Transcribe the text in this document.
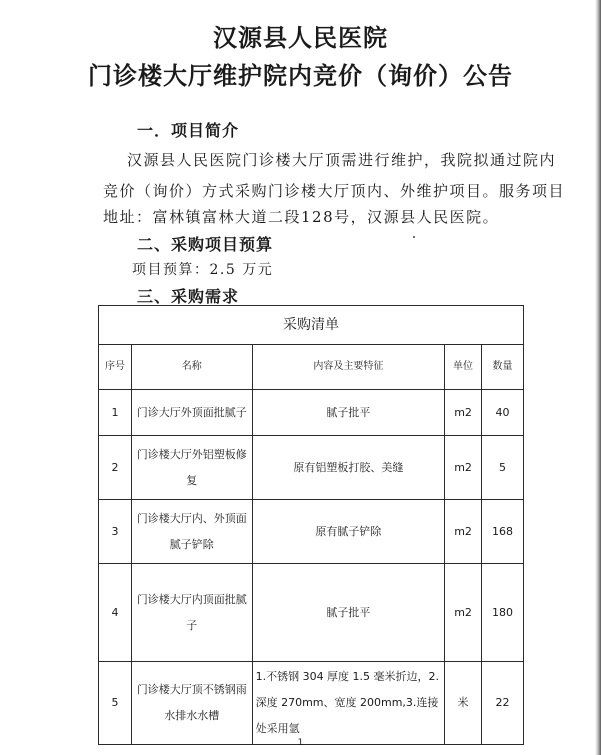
汉源县人民医院
门诊楼大厅维护院内竞价（询价）公告
一．项目简介
汉源县人民医院门诊楼大厅顶需进行维护，我院拟通过院内
竞价（询价）方式采购门诊楼大厅顶内、外维护项目。服务项目
地址：富林镇富林大道二段128号，汉源县人民医院。
二、采购项目预算
项目预算：2.5 万元
三、采购需求
采购清单				
序号	名称	内容及主要特征	单位	数量
1	门诊大厅外顶面批腻子	腻子批平	m2	40
2	门诊楼大厅外铝塑板修复	原有铝塑板打胶、美缝	m2	5
3	门诊楼大厅内、外顶面腻子铲除	原有腻子铲除	m2	168
4	门诊楼大厅内顶面批腻子	腻子批平	m2	180
5	门诊楼大厅顶不锈钢雨水排水水槽	1.不锈钢 304 厚度 1.5 毫米折边，2.深度 270mm、宽度 200mm,3.连接处采用氩	米	22
1
